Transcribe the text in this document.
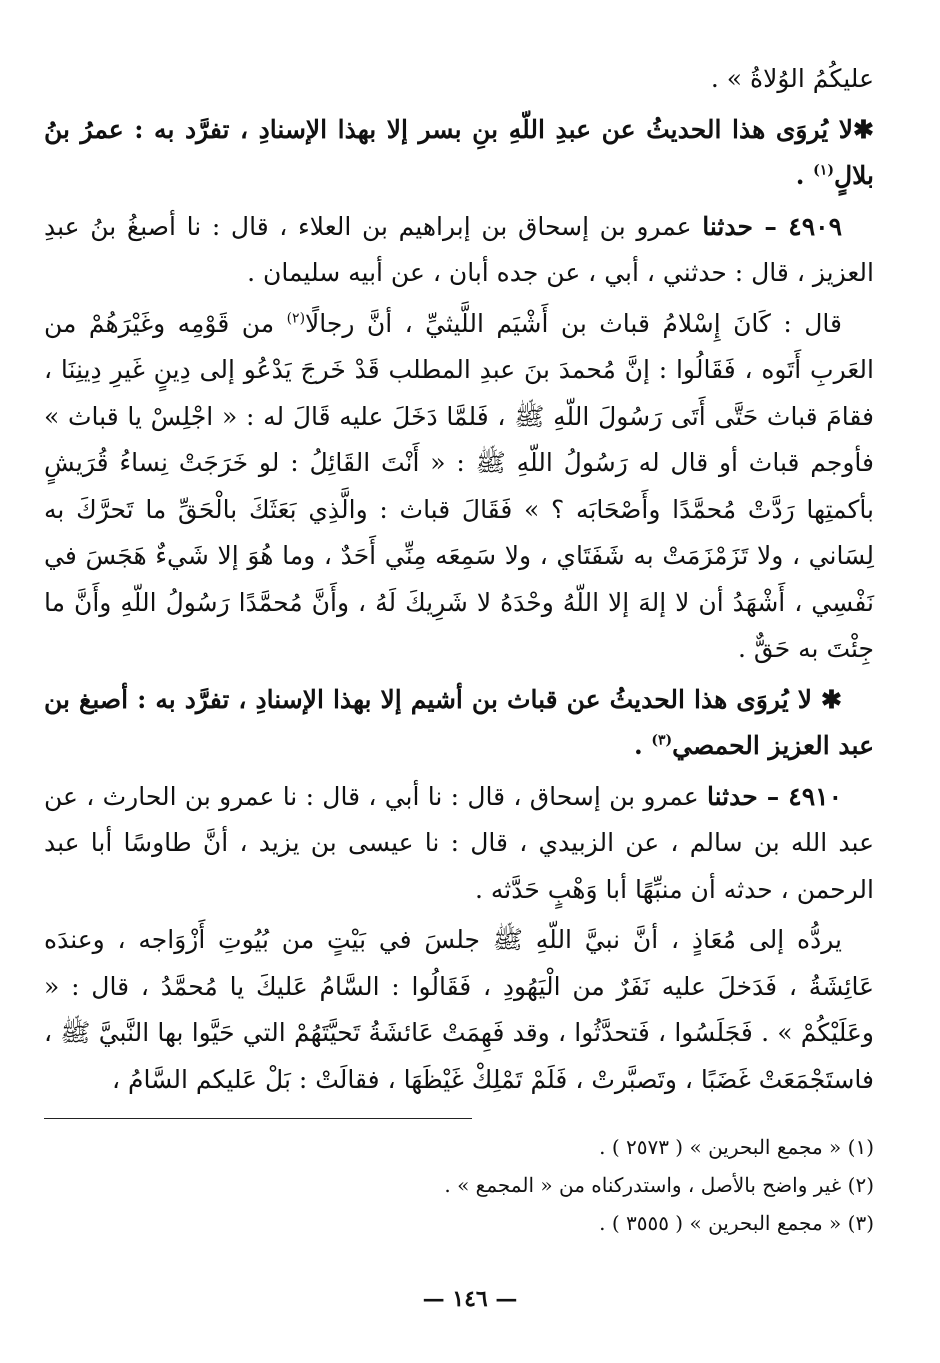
عليكُمُ الوُلاةُ » .

✱لا يُروَى هذا الحديثُ عن عبدِ اللّهِ بنِ بسر إلا بهذا الإسنادِ ، تفرَّد به : عمرُ بنُ بلالٍ$^{(١)}$ .

٤٩٠٩ – حدثنا عمرو بن إسحاق بن إبراهيم بن العلاء ، قال : نا أصبغُ بنُ عبدِ العزيز ، قال : حدثني ، أبي ، عن جده أبان ، عن أبيه سليمان .

قال : كَانَ إِسْلامُ قباث بن أَشْيَم اللَّيثيِّ ، أنَّ رجالًا$^{(٢)}$ من قَوْمِه وغَيْرَهُمْ من العَربِ أَتَوه ، فَقَالُوا : إنَّ مُحمدَ بنَ عبدِ المطلب قَدْ خَرجَ يَدْعُو إلى دِينٍ غَيرِ دِينِنَا ، فقامَ قباث حَتَّى أَتَى رَسُولَ اللّهِ ﷺ ، فَلمَّا دَخَلَ عليه قَالَ له : « اجْلِسْ يا قباث » فأوجم قباث أو قال له رَسُولُ اللّهِ ﷺ : « أَنْتَ القَائِلُ : لو خَرَجَتْ نِساءُ قُرَيشٍ بأكمتِها رَدَّتْ مُحمَّدًا وأَصْحَابَه ؟ » فَقَالَ قباث : والَّذِي بَعَثَكَ بالْحَقِّ ما تَحرَّكَ به لِسَاني ، ولا تَزَمْزَمَتْ به شَفَتَاي ، ولا سَمِعَه مِنِّي أَحَدٌ ، وما هُوَ إلا شَيءٌ هَجَسَ في نَفْسِي ، أَشْهَدُ أن لا إلهَ إلا اللّهُ وحْدَهُ لا شَرِيكَ لَهُ ، وأَنَّ مُحمَّدًا رَسُولُ اللّهِ وأَنَّ ما جِئْتَ به حَقٌّ .

✱ لا يُروَى هذا الحديثُ عن قباث بن أشيم إلا بهذا الإسنادِ ، تفرَّد به : أصبغ بن عبد العزيز الحمصي$^{(٣)}$ .

٤٩١٠ – حدثنا عمرو بن إسحاق ، قال : نا أبي ، قال : نا عمرو بن الحارث ، عن عبد الله بن سالم ، عن الزبيدي ، قال : نا عيسى بن يزيد ، أنَّ طاوسًا أبا عبد الرحمن ، حدثه أن منبِّهًا أبا وَهْبٍ حَدَّثه .

يردُّه إلى مُعَاذٍ ، أنَّ نبيَّ اللّهِ ﷺ جلسَ في بَيْتٍ من بُيُوتِ أَزْوَاجه ، وعندَه عَائِشَةُ ، فَدَخلَ عليه نَفَرٌ من الْيَهُودِ ، فَقَالُوا : السَّامُ عَليكَ يا مُحمَّدُ ، قال : « وعَلَيْكُمْ » . فَجَلَسُوا ، فَتحدَّثُوا ، وقد فَهِمَتْ عَائشَةُ تَحيَّتَهُمْ التي حَيَّوا بها النَّبيَّ ﷺ ، فاستَجْمَعَتْ غَضَبًا ، وتَصبَّرتْ ، فَلَمْ تَمْلِكْ غَيْظَهَا ، فقالَتْ : بَلْ عَليكم السَّامُ ،

(١) « مجمع البحرين » ( ٢٥٧٣ ) .
(٢) غير واضح بالأصل ، واستدركناه من « المجمع » .
(٣) « مجمع البحرين » ( ٣٥٥٥ ) .
— ١٤٦ —
